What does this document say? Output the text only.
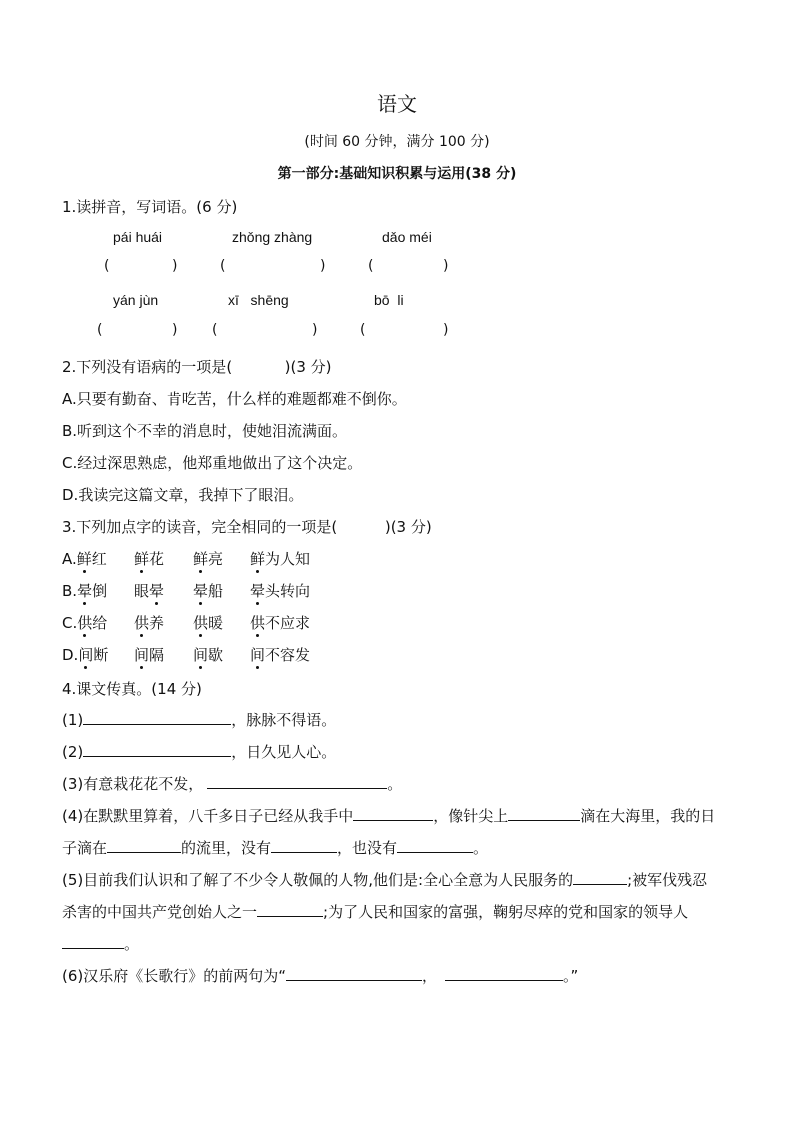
语文
(时间 60 分钟，满分 100 分)
第一部分:基础知识积累与运用(38 分)
1.读拼音，写词语。(6 分)
pái huái	zhǒng zhàng	dǎo méi
(	)	(	)	(	)
yán jùn	xī   shēng	bō  li
(	) (	)	(	)
2.下列没有语病的一项是(           )(3 分)
A.只要有勤奋、肯吃苦，什么样的难题都难不倒你。
B.听到这个不幸的消息时，使她泪流满面。
C.经过深思熟虑，他郑重地做出了这个决定。
D.我读完这篇文章，我掉下了眼泪。
3.下列加点字的读音，完全相同的一项是(          )(3 分)
A.鲜红 鲜花 鲜亮 鲜为人知
B.晕倒 眼晕 晕船 晕头转向
C.供给 供养 供暖 供不应求
D.间断 间隔 间歇 间不容发
4.课文传真。(14 分)
(1)	，脉脉不得语。
(2)	，日久见人心。
(3)有意栽花花不发，	。
(4)在默默里算着，八千多日子已经从我手中	，像针尖上	滴在大海里，我的日
子滴在	的流里，没有	，也没有	。
(5)目前我们认识和了解了不少令人敬佩的人物,他们是:全心全意为人民服务的	;被军伐残忍
杀害的中国共产党创始人之一	;为了人民和国家的富强，鞠躬尽瘁的党和国家的领导人
。
(6)汉乐府《长歌行》的前两句为“	，	。”
